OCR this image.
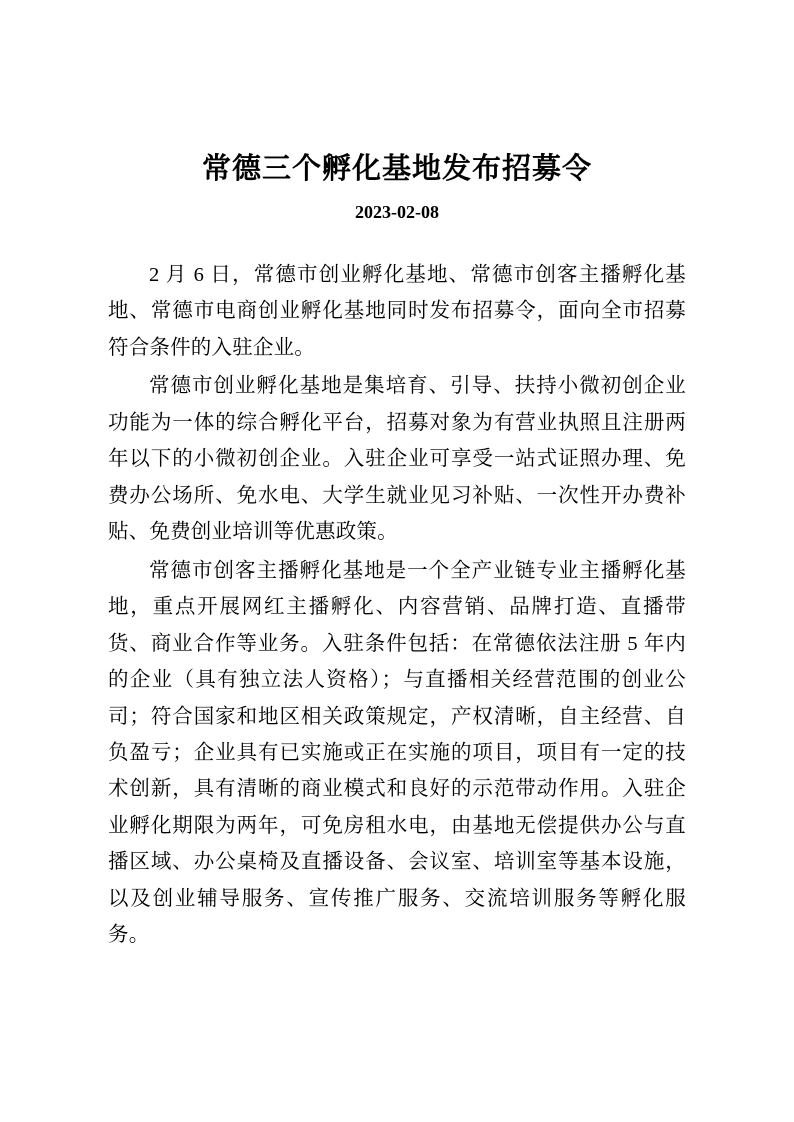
常德三个孵化基地发布招募令
2023-02-08

2 月 6 日，常德市创业孵化基地、常德市创客主播孵化基地、常德市电商创业孵化基地同时发布招募令，面向全市招募符合条件的入驻企业。

常德市创业孵化基地是集培育、引导、扶持小微初创企业功能为一体的综合孵化平台，招募对象为有营业执照且注册两年以下的小微初创企业。入驻企业可享受一站式证照办理、免费办公场所、免水电、大学生就业见习补贴、一次性开办费补贴、免费创业培训等优惠政策。

常德市创客主播孵化基地是一个全产业链专业主播孵化基地，重点开展网红主播孵化、内容营销、品牌打造、直播带货、商业合作等业务。入驻条件包括：在常德依法注册 5 年内的企业（具有独立法人资格）；与直播相关经营范围的创业公司；符合国家和地区相关政策规定，产权清晰，自主经营、自负盈亏；企业具有已实施或正在实施的项目，项目有一定的技术创新，具有清晰的商业模式和良好的示范带动作用。入驻企业孵化期限为两年，可免房租水电，由基地无偿提供办公与直播区域、办公桌椅及直播设备、会议室、培训室等基本设施，以及创业辅导服务、宣传推广服务、交流培训服务等孵化服务。
